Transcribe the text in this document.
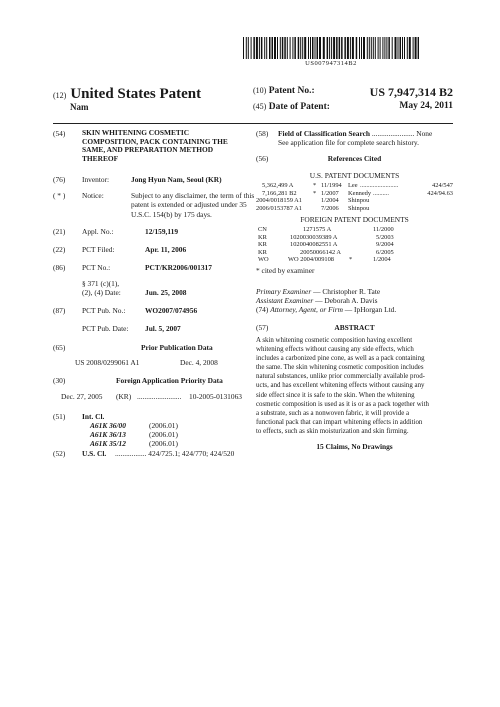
US007947314B2
(12) United States Patent
Nam
(10) Patent No.:	US 7,947,314 B2
(45) Date of Patent:	May 24, 2011
(54) SKIN WHITENING COSMETIC
COMPOSITION, PACK CONTAINING THE
SAME, AND PREPARATION METHOD
THEREOF
(76) Inventor:	Jong Hyun Nam, Seoul (KR)
( * ) Notice:	Subject to any disclaimer, the term of this
patent is extended or adjusted under 35
U.S.C. 154(b) by 175 days.
(21) Appl. No.:	12/159,119
(22) PCT Filed:	Apr. 11, 2006
(86) PCT No.:	PCT/KR2006/001317
§ 371 (c)(1),
(2), (4) Date:	Jun. 25, 2008
(87) PCT Pub. No.:	WO2007/074956
PCT Pub. Date: Jul. 5, 2007
(65)	Prior Publication Data
US 2008/0299061 A1	Dec. 4, 2008
(30)	Foreign Application Priority Data
Dec. 27, 2005 (KR) ........................ 10-2005-0131063
(51) Int. Cl.
A61K 36/00	(2006.01)
A61K 36/13	(2006.01)
A61K 35/12	(2006.01)
(52) U.S. Cl. ................. 424/725.1; 424/770; 424/520
(58) Field of Classification Search ....................... None
See application file for complete search history.
(56)	References Cited
U.S. PATENT DOCUMENTS
5,362,499 A	* 11/1994 Lee ........................	424/547
7,166,281 B2	* 1/2007 Kennedy ..........	424/94.63
2004/0018159 A1	1/2004 Shinpou
2006/0153787 A1	7/2006 Shinpou
FOREIGN PATENT DOCUMENTS
CN	1271575 A	11/2000
KR	1020030039389 A	5/2003
KR	1020040082551 A	9/2004
KR	20050066142 A	6/2005
WO	WO 2004/009108 *	1/2004
* cited by examiner
Primary Examiner — Christopher R. Tate
Assistant Examiner — Deborah A. Davis
(74) Attorney, Agent, or Firm — IpHorgan Ltd.
(57)	ABSTRACT
A skin whitening cosmetic composition having excellent
whitening effects without causing any side effects, which
includes a carbonized pine cone, as well as a pack containing
the same. The skin whitening cosmetic composition includes
natural substances, unlike prior commercially available prod-
ucts, and has excellent whitening effects without causing any
side effect since it is safe to the skin. When the whitening
cosmetic composition is used as it is or as a pack together with
a substrate, such as a nonwoven fabric, it will provide a
functional pack that can impart whitening effects in addition
to effects, such as skin moisturization and skin firming.
15 Claims, No Drawings
